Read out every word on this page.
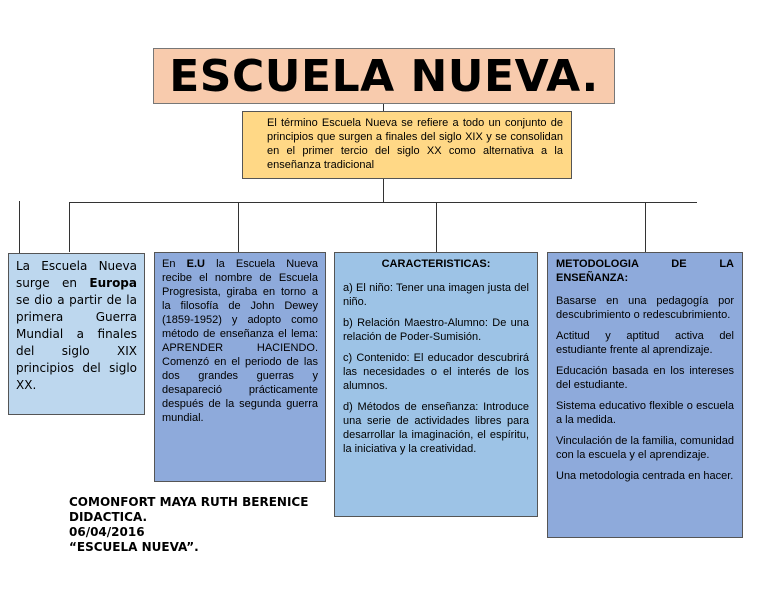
ESCUELA NUEVA.
El término Escuela Nueva se refiere a todo un conjunto de principios que surgen a finales del siglo XIX y se consolidan en el primer tercio del siglo XX como alternativa a la enseñanza tradicional
La Escuela Nueva surge en Europa se dio a partir de la primera Guerra Mundial a finales del siglo XIX principios del siglo XX.
En E.U la Escuela Nueva recibe el nombre de Escuela Progresista, giraba en torno a la filosofía de John Dewey (1859-1952) y adopto como método de enseñanza el lema: APRENDER HACIENDO. Comenzó en el periodo de las dos grandes guerras y desapareció prácticamente después de la segunda guerra mundial.

CARACTERISTICAS:

a) El niño: Tener una imagen justa del niño.

b) Relación Maestro-Alumno: De una relación de Poder-Sumisión.

c) Contenido: El educador descubrirá las necesidades o el interés de los alumnos.

d) Métodos de enseñanza: Introduce una serie de actividades libres para desarrollar la imaginación, el espíritu, la iniciativa y la creatividad.

METODOLOGIA DE LA ENSEÑANZA:

Basarse en una pedagogía por descubrimiento o redescubrimiento.

Actitud y aptitud activa del estudiante frente al aprendizaje.

Educación basada en los intereses del estudiante.

Sistema educativo flexible o escuela a la medida.

Vinculación de la familia, comunidad con la escuela y el aprendizaje.

Una metodologia centrada en hacer.

COMONFORT MAYA RUTH BERENICE
DIDACTICA.
06/04/2016
“ESCUELA NUEVA”.
